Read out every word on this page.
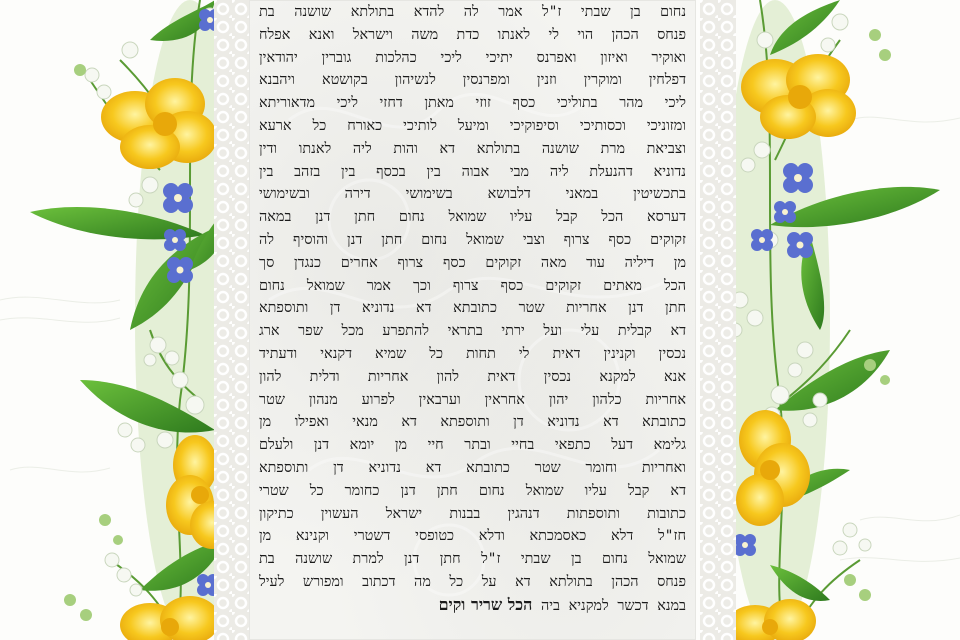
נחום בן שבתי ז"ל אמר לה להדא בתולתא שושנה בת
פנחס הכהן הוי לי לאנתו כדת משה וישראל ואנא אפלח
ואוקיר ואיזון ואפרנס יתיכי ליכי כהלכות גוברין יהודאין
דפלחין ומוקרין וזנין ומפרנסין לנשיהון בקושטא ויהבנא
ליכי מהר בתוליכי כסף זוזי מאתן דחזי ליכי מדאוריתא
ומזוניכי וכסותיכי וסיפוקיכי ומיעל לותיכי כאורח כל ארעא
וצביאת מרת שושנה בתולתא דא והות ליה לאנתו ודין
נדוניא דהנעלת ליה מבי אבוה בין בכסף בין בזהב בין
בתכשיטין במאני דלבושא בשימושי דירה ובשימושי
דערסא הכל קבל עליו שמואל נחום חתן דנן במאה
זקוקים כסף צרוף וצבי שמואל נחום חתן דנן והוסיף לה
מן דיליה עוד מאה זקוקים כסף צרוף אחרים כנגדן סך
הכל מאתים זקוקים כסף צרוף וכך אמר שמואל נחום
חתן דנן אחריות שטר כתובתא דא נדוניא דן ותוספתא
דא קבלית עלי ועל ירתי בתראי להתפרע מכל שפר ארג
נכסין וקנינין דאית לי תחות כל שמיא דקנאי ודעתיד
אנא למקנא נכסין דאית להון אחריות ודלית להון
אחריות כלהון יהון אחראין וערבאין לפרוע מנהון שטר
כתובתא דא נדוניא דן ותוספתא דא מנאי ואפילו מן
גלימא דעל כתפאי בחיי ובתר חיי מן יומא דנן ולעלם
ואחריות וחומר שטר כתובתא דא נדוניא דן ותוספתא
דא קבל עליו שמואל נחום חתן דנן כחומר כל שטרי
כתובות ותוספתות דנהגין בבנות ישראל העשוין כתיקון
חז"ל דלא כאסמכתא ודלא כטופסי דשטרי וקנינא מן
שמואל נחום בן שבתי ז"ל חתן דנן למרת שושנה בת
פנחס הכהן בתולתא דא על כל מה דכתוב ומפורש לעיל
במנא דכשר למקניא ביה הכל שריר וקים
